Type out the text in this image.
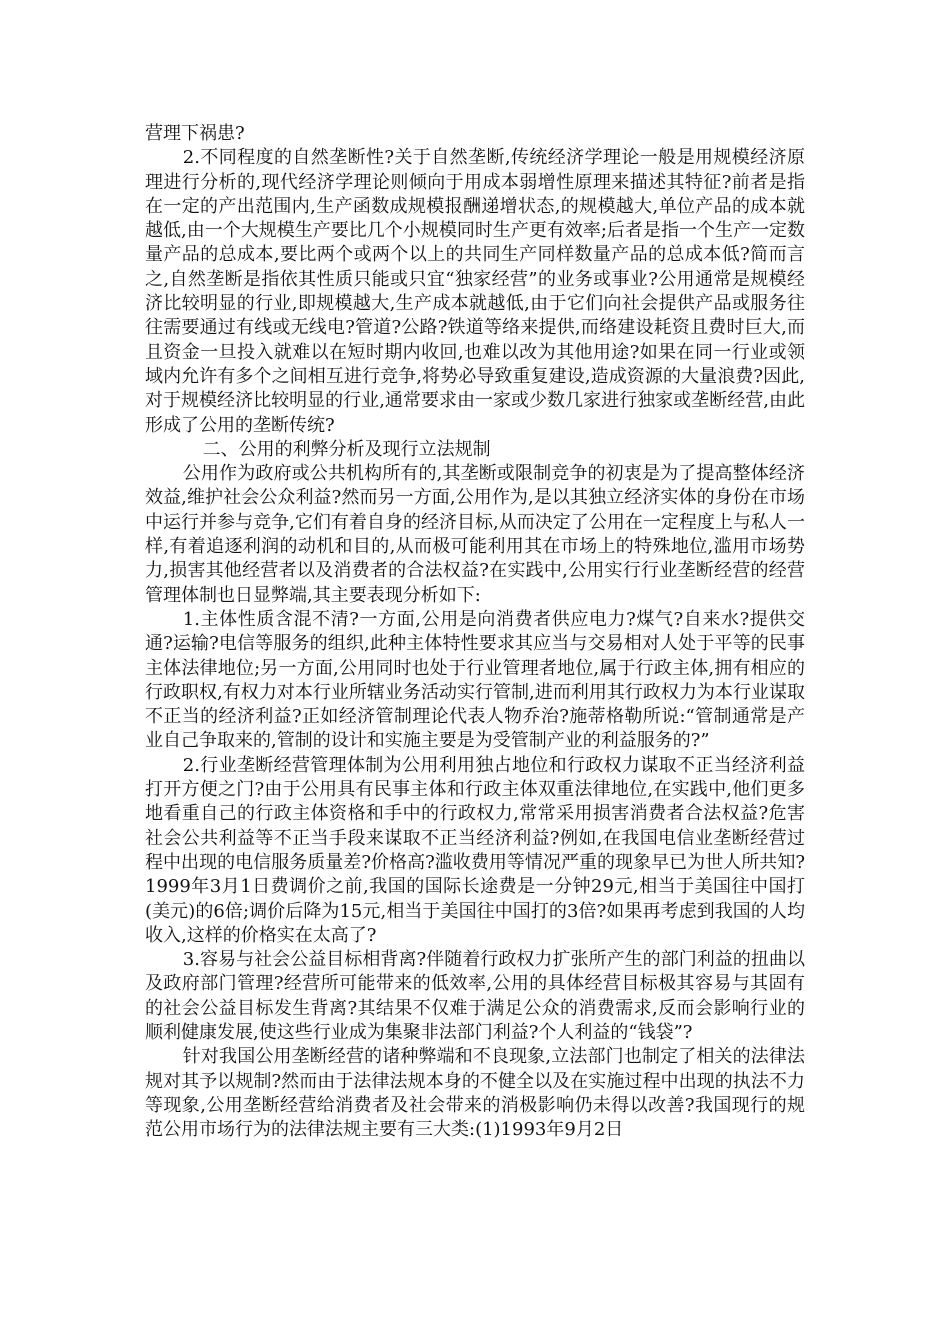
营理下祸患?

2.不同程度的自然垄断性?关于自然垄断,传统经济学理论一般是用规模经济原理进行分析的,现代经济学理论则倾向于用成本弱增性原理来描述其特征?前者是指在一定的产出范围内,生产函数成规模报酬递增状态,的规模越大,单位产品的成本就越低,由一个大规模生产要比几个小规模同时生产更有效率;后者是指一个生产一定数量产品的总成本,要比两个或两个以上的共同生产同样数量产品的总成本低?简而言之,自然垄断是指依其性质只能或只宜“独家经营”的业务或事业?公用通常是规模经济比较明显的行业,即规模越大,生产成本就越低,由于它们向社会提供产品或服务往往需要通过有线或无线电?管道?公路?铁道等络来提供,而络建设耗资且费时巨大,而且资金一旦投入就难以在短时期内收回,也难以改为其他用途?如果在同一行业或领域内允许有多个之间相互进行竞争,将势必导致重复建设,造成资源的大量浪费?因此,对于规模经济比较明显的行业,通常要求由一家或少数几家进行独家或垄断经营,由此形成了公用的垄断传统?

二、公用的利弊分析及现行立法规制

公用作为政府或公共机构所有的,其垄断或限制竞争的初衷是为了提高整体经济效益,维护社会公众利益?然而另一方面,公用作为,是以其独立经济实体的身份在市场中运行并参与竞争,它们有着自身的经济目标,从而决定了公用在一定程度上与私人一样,有着追逐利润的动机和目的,从而极可能利用其在市场上的特殊地位,滥用市场势力,损害其他经营者以及消费者的合法权益?在实践中,公用实行行业垄断经营的经营管理体制也日显弊端,其主要表现分析如下:

1.主体性质含混不清?一方面,公用是向消费者供应电力?煤气?自来水?提供交通?运输?电信等服务的组织,此种主体特性要求其应当与交易相对人处于平等的民事主体法律地位;另一方面,公用同时也处于行业管理者地位,属于行政主体,拥有相应的行政职权,有权力对本行业所辖业务活动实行管制,进而利用其行政权力为本行业谋取不正当的经济利益?正如经济管制理论代表人物乔治?施蒂格勒所说:“管制通常是产业自己争取来的,管制的设计和实施主要是为受管制产业的利益服务的?”

2.行业垄断经营管理体制为公用利用独占地位和行政权力谋取不正当经济利益打开方便之门?由于公用具有民事主体和行政主体双重法律地位,在实践中,他们更多地看重自己的行政主体资格和手中的行政权力,常常采用损害消费者合法权益?危害社会公共利益等不正当手段来谋取不正当经济利益?例如,在我国电信业垄断经营过程中出现的电信服务质量差?价格高?滥收费用等情况严重的现象早已为世人所共知?1999年3月1日费调价之前,我国的国际长途费是一分钟29元,相当于美国往中国打(美元)的6倍;调价后降为15元,相当于美国往中国打的3倍?如果再考虑到我国的人均收入,这样的价格实在太高了?

3.容易与社会公益目标相背离?伴随着行政权力扩张所产生的部门利益的扭曲以及政府部门管理?经营所可能带来的低效率,公用的具体经营目标极其容易与其固有的社会公益目标发生背离?其结果不仅难于满足公众的消费需求,反而会影响行业的顺利健康发展,使这些行业成为集聚非法部门利益?个人利益的“钱袋”?

针对我国公用垄断经营的诸种弊端和不良现象,立法部门也制定了相关的法律法规对其予以规制?然而由于法律法规本身的不健全以及在实施过程中出现的执法不力等现象,公用垄断经营给消费者及社会带来的消极影响仍未得以改善?我国现行的规范公用市场行为的法律法规主要有三大类:(1)1993年9月2日
